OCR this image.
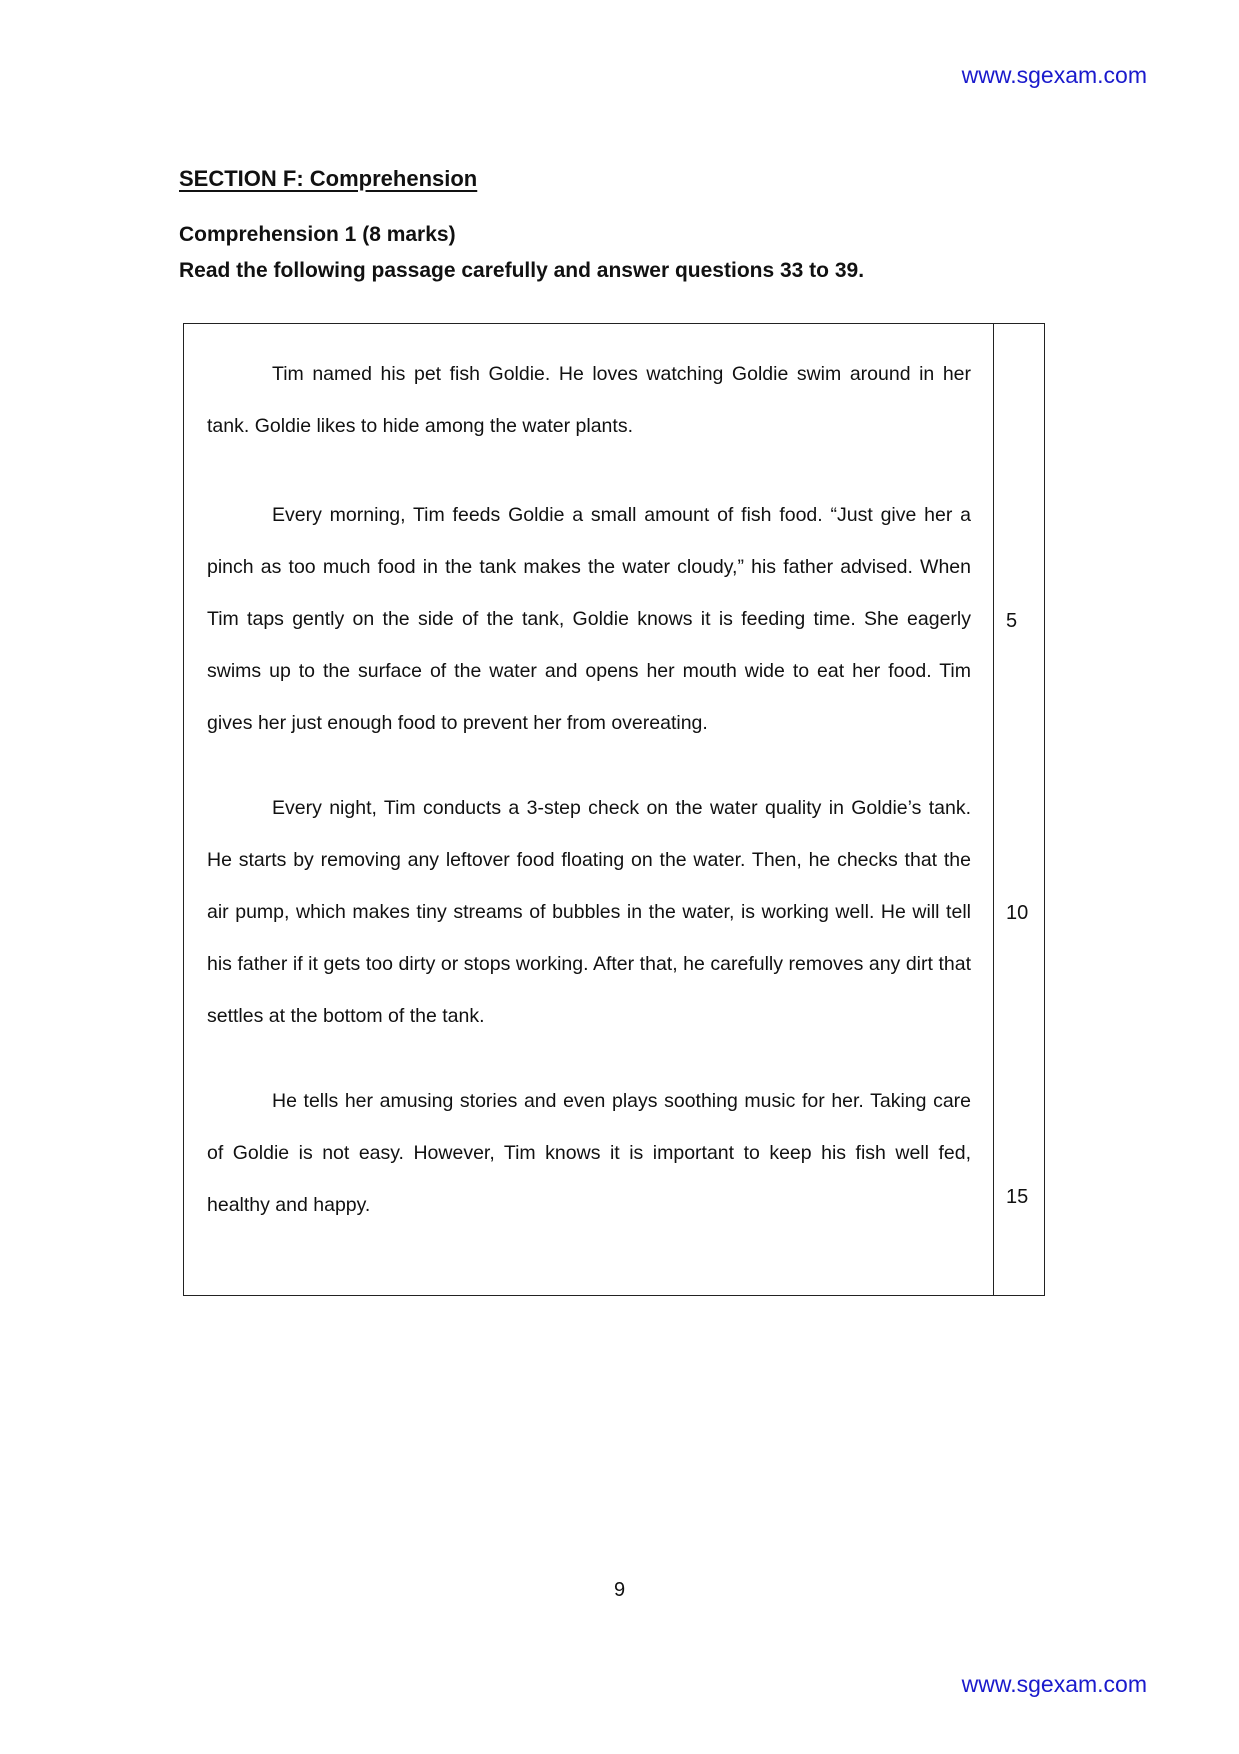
www.sgexam.com
SECTION F: Comprehension
Comprehension 1 (8 marks)

Read the following passage carefully and answer questions 33 to 39.

Tim named his pet fish Goldie. He loves watching Goldie swim around in her tank. Goldie likes to hide among the water plants.

Every morning, Tim feeds Goldie a small amount of fish food. “Just give her a pinch as too much food in the tank makes the water cloudy,” his father advised. When Tim taps gently on the side of the tank, Goldie knows it is feeding time. She eagerly swims up to the surface of the water and opens her mouth wide to eat her food. Tim gives her just enough food to prevent her from overeating.

Every night, Tim conducts a 3-step check on the water quality in Goldie’s tank. He starts by removing any leftover food floating on the water. Then, he checks that the air pump, which makes tiny streams of bubbles in the water, is working well. He will tell his father if it gets too dirty or stops working. After that, he carefully removes any dirt that settles at the bottom of the tank.

He tells her amusing stories and even plays soothing music for her. Taking care of Goldie is not easy. However, Tim knows it is important to keep his fish well fed, healthy and happy.

5
10
15
9
www.sgexam.com
